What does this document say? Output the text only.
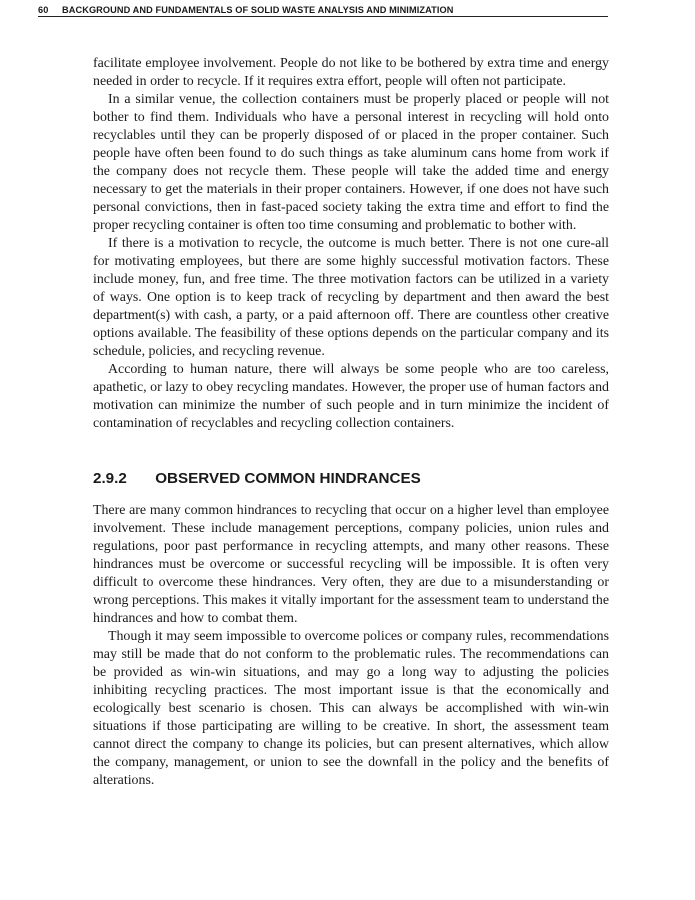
60	BACKGROUND AND FUNDAMENTALS OF SOLID WASTE ANALYSIS AND MINIMIZATION

facilitate employee involvement. People do not like to be bothered by extra time and energy needed in order to recycle. If it requires extra effort, people will often not participate.

In a similar venue, the collection containers must be properly placed or people will not bother to find them. Individuals who have a personal interest in recycling will hold onto recyclables until they can be properly disposed of or placed in the proper container. Such people have often been found to do such things as take aluminum cans home from work if the company does not recycle them. These people will take the added time and energy necessary to get the materials in their proper containers. However, if one does not have such personal convictions, then in fast-paced society taking the extra time and effort to find the proper recycling container is often too time consuming and problematic to bother with.

If there is a motivation to recycle, the outcome is much better. There is not one cure-all for motivating employees, but there are some highly successful motivation factors. These include money, fun, and free time. The three motivation factors can be utilized in a variety of ways. One option is to keep track of recycling by department and then award the best department(s) with cash, a party, or a paid afternoon off. There are countless other creative options available. The feasibility of these options depends on the particular company and its schedule, policies, and recycling revenue.

According to human nature, there will always be some people who are too careless, apathetic, or lazy to obey recycling mandates. However, the proper use of human factors and motivation can minimize the number of such people and in turn minimize the incident of contamination of recyclables and recycling collection containers.

2.9.2 OBSERVED COMMON HINDRANCES

There are many common hindrances to recycling that occur on a higher level than employee involvement. These include management perceptions, company policies, union rules and regulations, poor past performance in recycling attempts, and many other reasons. These hindrances must be overcome or successful recycling will be impossible. It is often very difficult to overcome these hindrances. Very often, they are due to a misunderstanding or wrong perceptions. This makes it vitally important for the assessment team to understand the hindrances and how to combat them.

Though it may seem impossible to overcome polices or company rules, recommendations may still be made that do not conform to the problematic rules. The recommendations can be provided as win-win situations, and may go a long way to adjusting the policies inhibiting recycling practices. The most important issue is that the economically and ecologically best scenario is chosen. This can always be accomplished with win-win situations if those participating are willing to be creative. In short, the assessment team cannot direct the company to change its policies, but can present alternatives, which allow the company, management, or union to see the downfall in the policy and the benefits of alterations.
